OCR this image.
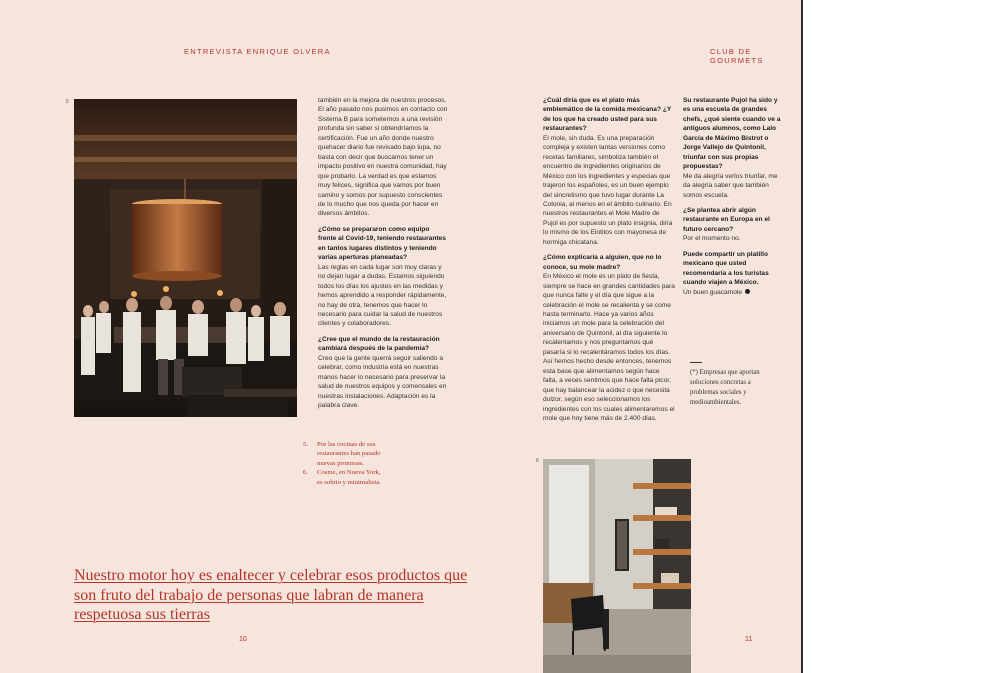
ENTREVISTA ENRIQUE OLVERA	CLUB DE GOURMETS
5	también en la mejora de nuestros procesos. El año pasado nos pusimos en contacto con Sistema B para someternos a una revisión profunda sin saber si obtendríamos la certificación. Fue un año donde nuestro quehacer diario fue revisado bajo lupa, no basta con decir que buscamos tener un impacto positivo en nuestra comunidad, hay que probarlo. La verdad es que estamos muy felices, significa que vamos por buen camino y somos por supuesto conscientes de lo mucho que nos queda por hacer en diversos ámbitos.

¿Cómo se prepararon como equipo frente al Covid-19, teniendo restaurantes en tantos lugares distintos y teniendo varias aperturas planeadas?

Las reglas en cada lugar son muy claras y no dejan lugar a dudas. Estamos siguiendo todos los días los ajustes en las medidas y hemos aprendido a responder rápidamente, no hay de otra, tenemos que hacer lo necesario para cuidar la salud de nuestros clientes y colaboradores.

¿Cree que el mundo de la restauración cambiará después de la pandemia?

Creo que la gente querrá seguir saliendo a celebrar, como industria está en nuestras manos hacer lo necesario para preservar la salud de nuestros equipos y comensales en nuestras instalaciones. Adaptación es la palabra clave.

5.	Por las cocinas de sus restaurantes han pasado nuevas promesas.
6.	Cosme, en Nueva York, es sobrio y minimalista.
Nuestro motor hoy es enaltecer y celebrar esos productos que son fruto del trabajo de personas que labran de manera respetuosa sus tierras
10
¿Cuál diría que es el plato más emblemático de la comida mexicana? ¿Y de los que ha creado usted para sus restaurantes?

El mole, sin duda. Es una preparación compleja y existen tantas versiones como recetas familiares, simboliza también el encuentro de ingredientes originarios de México con los ingredientes y especias que trajeron los españoles, es un buen ejemplo del sincretismo que tuvo lugar durante La Colonia, al menos en el ámbito culinario. En nuestros restaurantes el Mole Madre de Pujol es por supuesto un plato insignia, diría lo mismo de los Elotitos con mayonesa de hormiga chicatana.

¿Cómo explicaría a alguien, que no lo conoce, su mole madre?

En México el mole es un plato de fiesta, siempre se hace en grandes cantidades para que nunca falte y el día que sigue a la celebración el mole se recalienta y se come hasta terminarlo. Hace ya varios años iniciamos un mole para la celebración del aniversario de Quintonil, al día siguiente lo recalentamos y nos preguntamos qué pasaría si lo recalentáramos todos los días. Así hemos hecho desde entonces, tenemos esta base que alimentamos según hace falta, a veces sentimos que hace falta picor, que hay balancear la acidez o que necesita dulzor, según eso seleccionamos los ingredientes con los cuales alimentaremos el mole que hoy tiene más de 2.400 días.

Su restaurante Pujol ha sido y es una escuela de grandes chefs, ¿qué siente cuando ve a antiguos alumnos, como Lalo García de Máximo Bistrot o Jorge Vallejo de Quintonil, triunfar con sus propias propuestas?

Me da alegría verlos triunfar, me da alegría saber que también somos escuela.

¿Se plantea abrir algún restaurante en Europa en el futuro cercano?

Por el momento no.

Puede compartir un platillo mexicano que usted recomendaría a los turistas cuando viajen a México.

Un buen guacamole

(*) Empresas que aportan soluciones concretas a problemas sociales y medioambientales.
6
11
